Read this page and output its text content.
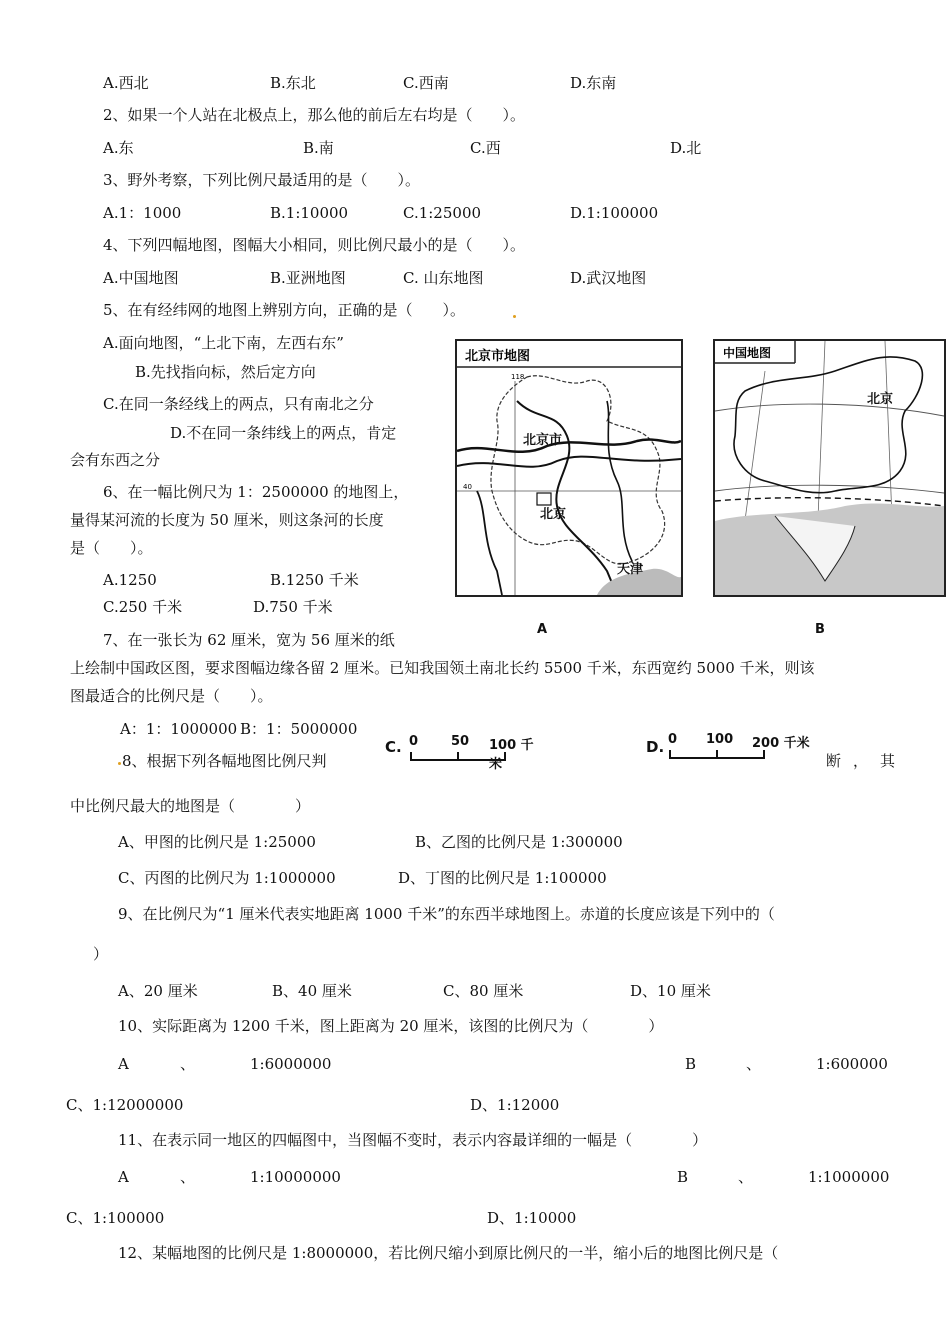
A.西北	B.东北	C.西南	D.东南
2、如果一个人站在北极点上，那么他的前后左右均是（　　）。
A.东	B.南	C.西	D.北
3、野外考察，下列比例尺最适用的是（　　）。
A.1：1000	B.1:10000	C.1:25000	D.1:100000
4、下列四幅地图，图幅大小相同，则比例尺最小的是（　　）。
A.中国地图	B.亚洲地图	C. 山东地图	D.武汉地图
5、在有经纬网的地图上辨别方向，正确的是（　　）。
A.面向地图，“上北下南，左西右东”
B.先找指向标，然后定方向
C.在同一条经线上的两点，只有南北之分
D.不在同一条纬线上的两点，肯定
会有东西之分
6、在一幅比例尺为 1：2500000 的地图上，
量得某河流的长度为 50 厘米，则这条河的长度
是（　　）。
A.1250	B.1250 千米
C.250 千米	D.750 千米
北京市地图
118
40
北京市
北京
天津
A
中国地图
北京
B
7、在一张长为 62 厘米，宽为 56 厘米的纸
上绘制中国政区图，要求图幅边缘各留 2 厘米。已知我国领土南北长约 5500 千米，东西宽约 5000 千米，则该
图最适合的比例尺是（　　）。
A：1：1000000 B：1：5000000
C. 0	50 100 千米
D. 0 100 200 千米
8、根据下列各幅地图比例尺判	断，其
中比例尺最大的地图是（　　　　）
A、甲图的比例尺是 1:25000	B、乙图的比例尺是 1:300000
C、丙图的比例尺为 1:1000000	D、丁图的比例尺是 1:100000
9、在比例尺为“1 厘米代表实地距离 1000 千米”的东西半球地图上。赤道的长度应该是下列中的（
）
A、20 厘米	B、40 厘米	C、80 厘米	D、10 厘米
10、实际距离为 1200 千米，图上距离为 20 厘米，该图的比例尺为（　　　　）
A	、	1:6000000	B	、	1:600000
C、1:12000000	D、1:12000
11、在表示同一地区的四幅图中，当图幅不变时，表示内容最详细的一幅是（　　　　）
A	、	1:10000000	B	、	1:1000000
C、1:100000	D、1:10000
12、某幅地图的比例尺是 1:8000000，若比例尺缩小到原比例尺的一半，缩小后的地图比例尺是（
